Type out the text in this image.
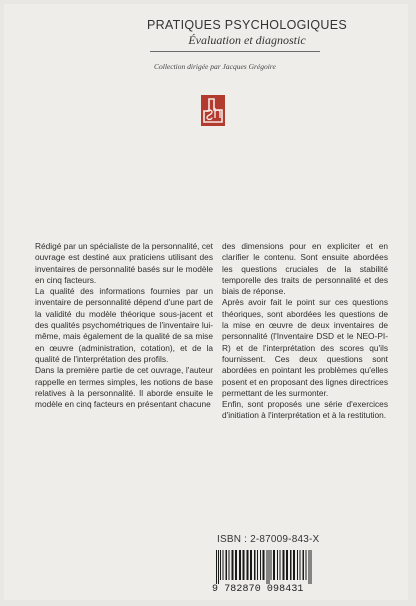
PRATIQUES PSYCHOLOGIQUES
Évaluation et diagnostic
Collection dirigée par Jacques Grégoire

Rédigé par un spécialiste de la personnalité, cet ouvrage est destiné aux praticiens utilisant des inventaires de personnalité basés sur le modèle en cinq facteurs.

La qualité des informations fournies par un inventaire de personnalité dépend d'une part de la validité du modèle théorique sous-jacent et des qualités psychométriques de l'inventaire lui-même, mais également de la qualité de sa mise en œuvre (administration, cotation), et de la qualité de l'interprétation des profils.

Dans la première partie de cet ouvrage, l'auteur rappelle en termes simples, les notions de base relatives à la personnalité. Il aborde ensuite le modèle en cinq facteurs en présentant chacune

des dimensions pour en expliciter et en clarifier le contenu. Sont ensuite abordées les questions cruciales de la stabilité temporelle des traits de personnalité et des biais de réponse.

Après avoir fait le point sur ces questions théoriques, sont abordées les questions de la mise en œuvre de deux inventaires de personnalité (l'Inventaire DSD et le NEO-PI-R) et de l'interprétation des scores qu'ils fournissent. Ces deux questions sont abordées en pointant les problèmes qu'elles posent et en proposant des lignes directrices permettant de les surmonter.

Enfin, sont proposés une série d'exercices d'initiation à l'interprétation et à la restitution.

ISBN : 2-87009-843-X
9 782870 098431
